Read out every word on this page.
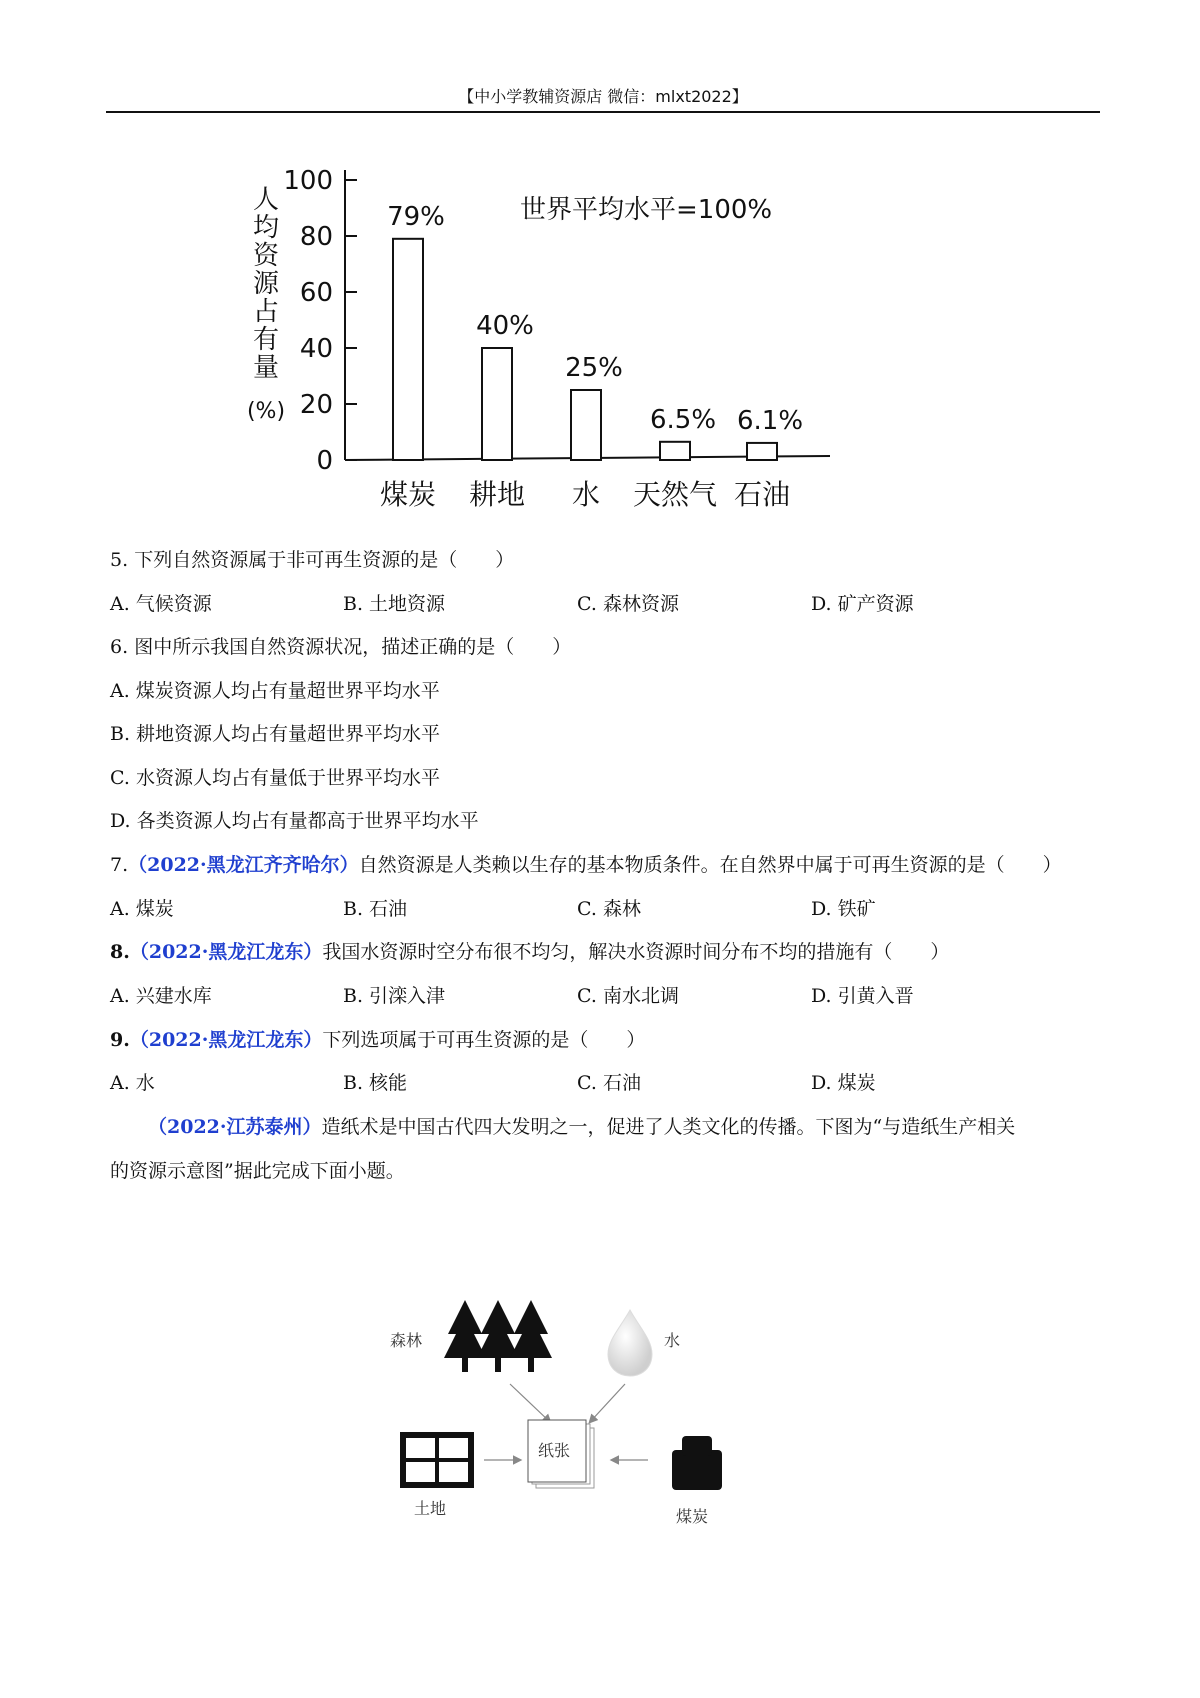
【中小学教辅资源店 微信：mlxt2022】
世界平均水平=100%
人
均
资
源
占
有
量
(%)
0
20
40
60
80
100
79%
40%
25%
6.5% 6.1%
煤炭 耕地 水 天然气 石油
5. 下列自然资源属于非可再生资源的是（　　）
A. 气候资源	B. 土地资源	C. 森林资源	D. 矿产资源
6. 图中所示我国自然资源状况，描述正确的是（　　）
A. 煤炭资源人均占有量超世界平均水平
B. 耕地资源人均占有量超世界平均水平
C. 水资源人均占有量低于世界平均水平
D. 各类资源人均占有量都高于世界平均水平
7.（2022·黑龙江齐齐哈尔）自然资源是人类赖以生存的基本物质条件。在自然界中属于可再生资源的是（　　）
A. 煤炭	B. 石油	C. 森林	D. 铁矿
8.（2022·黑龙江龙东）我国水资源时空分布很不均匀，解决水资源时间分布不均的措施有（　　）
A. 兴建水库	B. 引滦入津	C. 南水北调	D. 引黄入晋
9.（2022·黑龙江龙东）下列选项属于可再生资源的是（　　）
A. 水	B. 核能	C. 石油	D. 煤炭
（2022·江苏泰州）造纸术是中国古代四大发明之一，促进了人类文化的传播。下图为“与造纸生产相关
的资源示意图”据此完成下面小题。
森林	水
纸张
土地	煤炭
